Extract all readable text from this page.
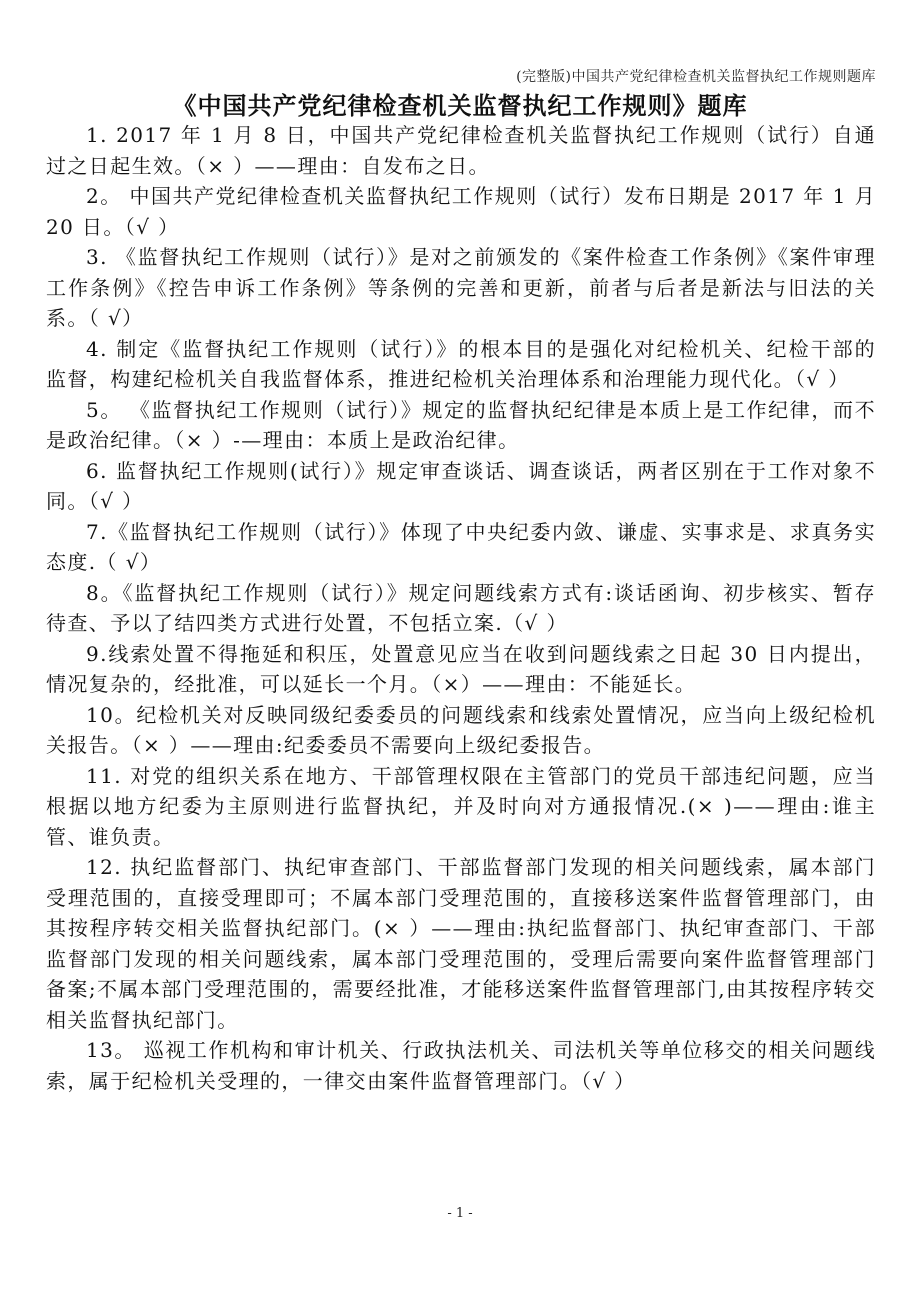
(完整版)中国共产党纪律检查机关监督执纪工作规则题库
《中国共产党纪律检查机关监督执纪工作规则》题库

1. 2017 年 1 月 8 日，中国共产党纪律检查机关监督执纪工作规则（试行）自通过之日起生效。（× ）——理由：自发布之日。

2。 中国共产党纪律检查机关监督执纪工作规则（试行）发布日期是 2017 年 1 月 20 日。（√ ）

3. 《监督执纪工作规则（试行）》是对之前颁发的《案件检查工作条例》《案件审理工作条例》《控告申诉工作条例》等条例的完善和更新，前者与后者是新法与旧法的关系。（ √）

4. 制定《监督执纪工作规则（试行）》的根本目的是强化对纪检机关、纪检干部的监督，构建纪检机关自我监督体系，推进纪检机关治理体系和治理能力现代化。（√ ）

5。 《监督执纪工作规则（试行）》规定的监督执纪纪律是本质上是工作纪律，而不是政治纪律。（× ）-—理由：本质上是政治纪律。

6. 监督执纪工作规则(试行）》规定审查谈话、调查谈话，两者区别在于工作对象不同。（√ ）

7.《监督执纪工作规则（试行）》体现了中央纪委内敛、谦虚、实事求是、求真务实态度.（ √）

8。《监督执纪工作规则（试行）》规定问题线索方式有:谈话函询、初步核实、暂存待查、予以了结四类方式进行处置，不包括立案.（√ ）

9.线索处置不得拖延和积压，处置意见应当在收到问题线索之日起 30 日内提出，情况复杂的，经批准，可以延长一个月。（×）——理由：不能延长。

10。纪检机关对反映同级纪委委员的问题线索和线索处置情况，应当向上级纪检机关报告。（× ）——理由:纪委委员不需要向上级纪委报告。

11. 对党的组织关系在地方、干部管理权限在主管部门的党员干部违纪问题，应当根据以地方纪委为主原则进行监督执纪，并及时向对方通报情况.(× )——理由:谁主管、谁负责。

12. 执纪监督部门、执纪审查部门、干部监督部门发现的相关问题线索，属本部门受理范围的，直接受理即可；不属本部门受理范围的，直接移送案件监督管理部门，由其按程序转交相关监督执纪部门。(× ）——理由:执纪监督部门、执纪审查部门、干部监督部门发现的相关问题线索，属本部门受理范围的，受理后需要向案件监督管理部门备案;不属本部门受理范围的，需要经批准，才能移送案件监督管理部门,由其按程序转交相关监督执纪部门。

13。 巡视工作机构和审计机关、行政执法机关、司法机关等单位移交的相关问题线索，属于纪检机关受理的，一律交由案件监督管理部门。（√ ）

- 1 -
